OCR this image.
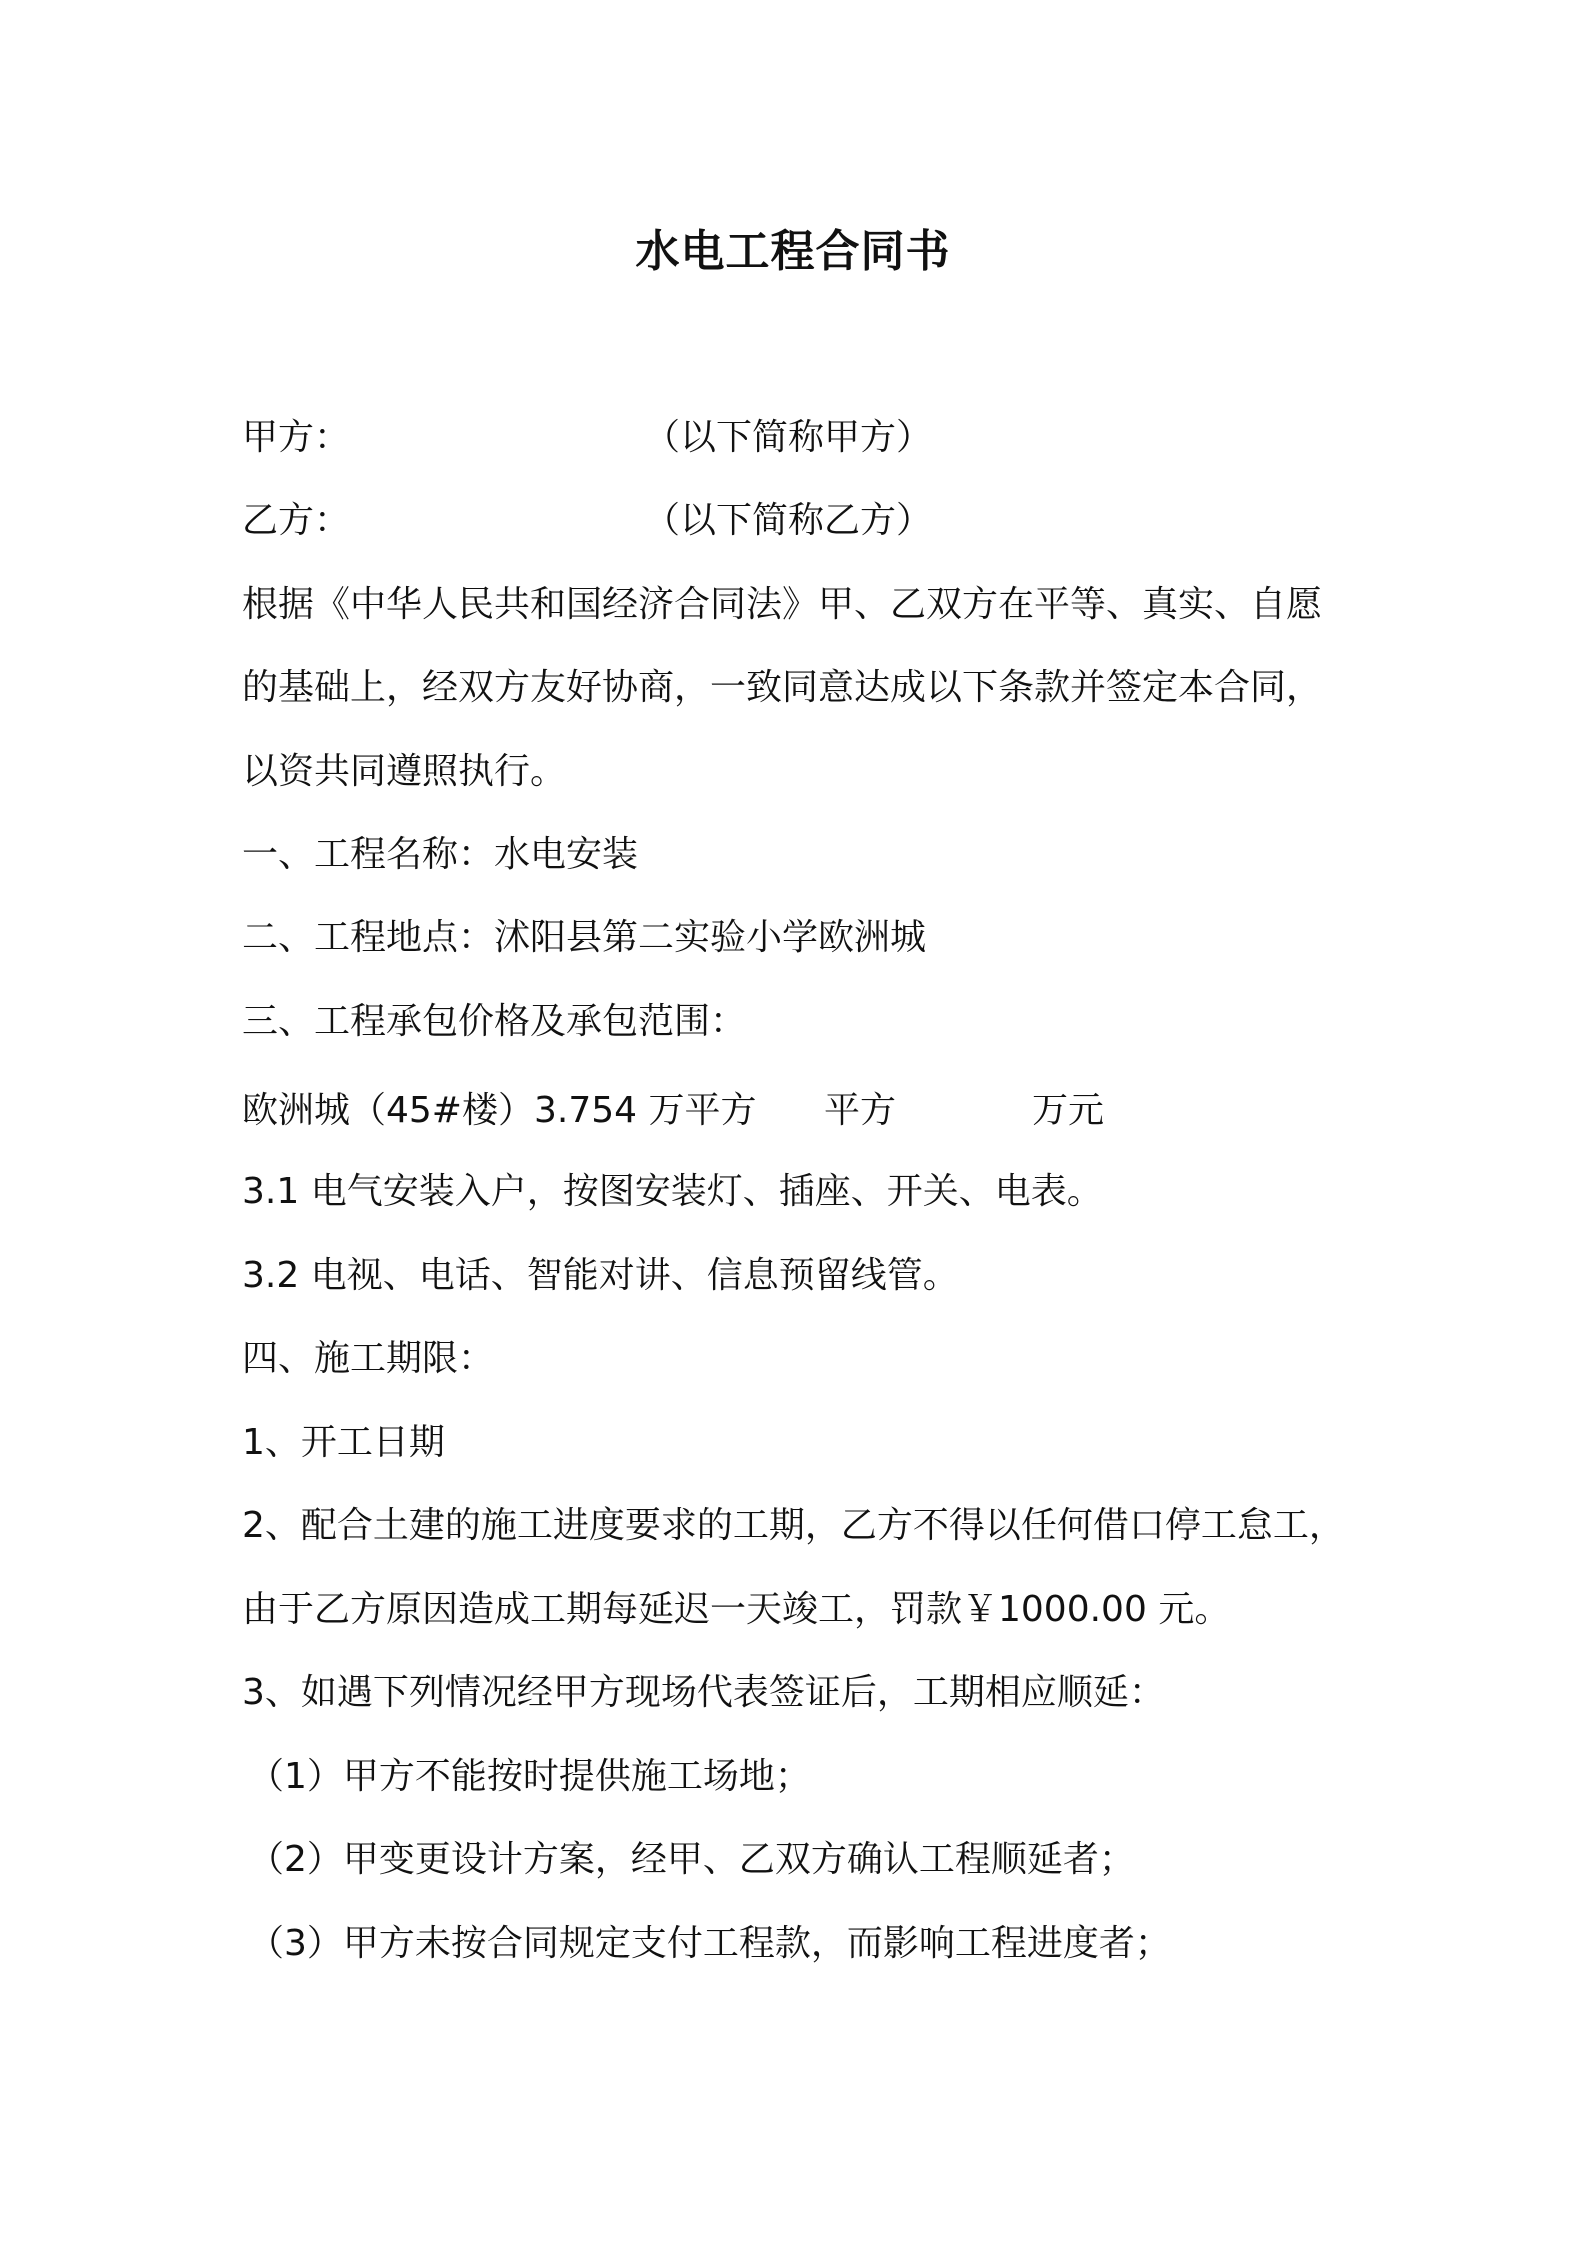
水电工程合同书
甲方：	（以下简称甲方）
乙方：	（以下简称乙方）

根据《中华人民共和国经济合同法》甲、乙双方在平等、真实、自愿

的基础上，经双方友好协商，一致同意达成以下条款并签定本合同，

以资共同遵照执行。

一、工程名称：水电安装

二、工程地点：沭阳县第二实验小学欧洲城

三、工程承包价格及承包范围：

欧洲城（45#楼）3.754 万平方 平方	万元

3.1 电气安装入户，按图安装灯、插座、开关、电表。

3.2 电视、电话、智能对讲、信息预留线管。

四、施工期限：

1、开工日期

2、配合土建的施工进度要求的工期，乙方不得以任何借口停工怠工，

由于乙方原因造成工期每延迟一天竣工，罚款￥1000.00 元。

3、如遇下列情况经甲方现场代表签证后，工期相应顺延：

（1）甲方不能按时提供施工场地；

（2）甲变更设计方案，经甲、乙双方确认工程顺延者；

（3）甲方未按合同规定支付工程款，而影响工程进度者；
